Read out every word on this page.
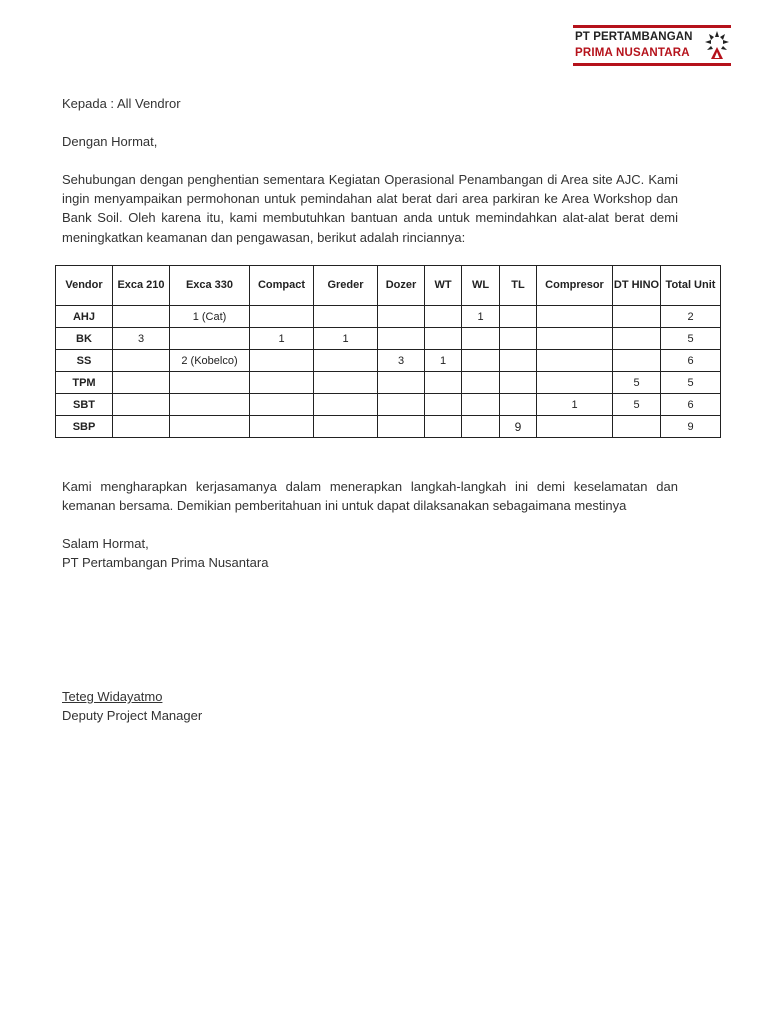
PT PERTAMBANGAN
PRIMA NUSANTARA
Kepada : All Vendror
Dengan Hormat,
Sehubungan dengan penghentian sementara Kegiatan Operasional Penambangan di Area site AJC. Kami ingin menyampaikan permohonan untuk pemindahan alat berat dari area parkiran ke Area Workshop dan Bank Soil. Oleh karena itu, kami membutuhkan bantuan anda untuk memindahkan alat-alat berat demi meningkatkan keamanan dan pengawasan, berikut adalah rinciannya:
Vendor	Exca 210	Exca 330	Compact	Greder	Dozer	WT	WL	TL	Compresor	DT HINO	Total Unit
AHJ		1 (Cat)					1				2
BK	3		1	1							5
SS		2 (Kobelco)			3	1					6
TPM										5	5
SBT									1	5	6
SBP								9			9
Kami mengharapkan kerjasamanya dalam menerapkan langkah-langkah ini demi keselamatan dan kemanan bersama. Demikian pemberitahuan ini untuk dapat dilaksanakan sebagaimana mestinya
Salam Hormat,
PT Pertambangan Prima Nusantara
Teteg Widayatmo
Deputy Project Manager
